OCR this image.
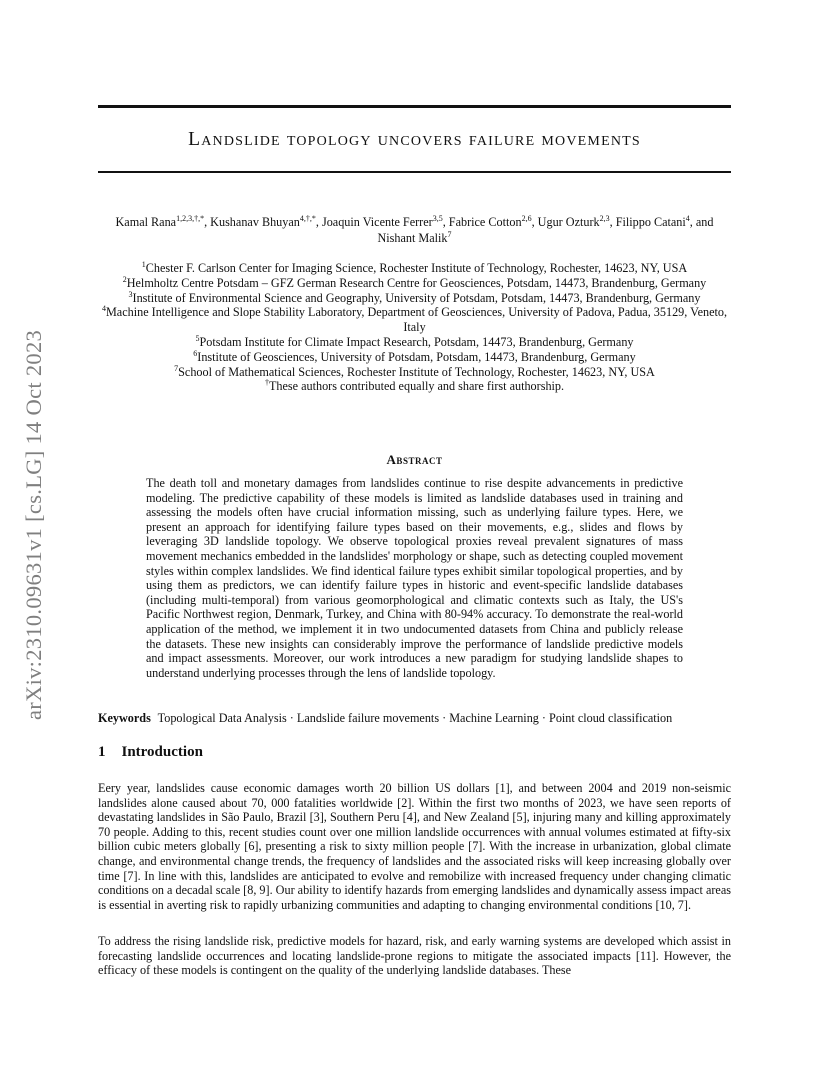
arXiv:2310.09631v1 [cs.LG] 14 Oct 2023
Landslide topology uncovers failure movements
Kamal Rana$^{1,2,3,\dagger,*}$, Kushanav Bhuyan$^{4,\dagger,*}$, Joaquin Vicente Ferrer$^{3,5}$, Fabrice Cotton$^{2,6}$, Ugur Ozturk$^{2,3}$, Filippo Catani$^4$, and Nishant Malik$^7$
$^1$Chester F. Carlson Center for Imaging Science, Rochester Institute of Technology, Rochester, 14623, NY, USA
$^2$Helmholtz Centre Potsdam – GFZ German Research Centre for Geosciences, Potsdam, 14473, Brandenburg, Germany
$^3$Institute of Environmental Science and Geography, University of Potsdam, Potsdam, 14473, Brandenburg, Germany
$^4$Machine Intelligence and Slope Stability Laboratory, Department of Geosciences, University of Padova, Padua, 35129, Veneto, Italy
$^5$Potsdam Institute for Climate Impact Research, Potsdam, 14473, Brandenburg, Germany
$^6$Institute of Geosciences, University of Potsdam, Potsdam, 14473, Brandenburg, Germany
$^7$School of Mathematical Sciences, Rochester Institute of Technology, Rochester, 14623, NY, USA
†These authors contributed equally and share first authorship.
Abstract
The death toll and monetary damages from landslides continue to rise despite advancements in predictive modeling. The predictive capability of these models is limited as landslide databases used in training and assessing the models often have crucial information missing, such as underlying failure types. Here, we present an approach for identifying failure types based on their movements, e.g., slides and flows by leveraging 3D landslide topology. We observe topological proxies reveal prevalent signatures of mass movement mechanics embedded in the landslides' morphology or shape, such as detecting coupled movement styles within complex landslides. We find identical failure types exhibit similar topological properties, and by using them as predictors, we can identify failure types in historic and event-specific landslide databases (including multi-temporal) from various geomorphological and climatic contexts such as Italy, the US's Pacific Northwest region, Denmark, Turkey, and China with 80-94% accuracy. To demonstrate the real-world application of the method, we implement it in two undocumented datasets from China and publicly release the datasets. These new insights can considerably improve the performance of landslide predictive models and impact assessments. Moreover, our work introduces a new paradigm for studying landslide shapes to understand underlying processes through the lens of landslide topology.
Keywords Topological Data Analysis · Landslide failure movements · Machine Learning · Point cloud classification
1 Introduction
Eery year, landslides cause economic damages worth 20 billion US dollars [1], and between 2004 and 2019 non-seismic landslides alone caused about 70, 000 fatalities worldwide [2]. Within the first two months of 2023, we have seen reports of devastating landslides in São Paulo, Brazil [3], Southern Peru [4], and New Zealand [5], injuring many and killing approximately 70 people. Adding to this, recent studies count over one million landslide occurrences with annual volumes estimated at fifty-six billion cubic meters globally [6], presenting a risk to sixty million people [7]. With the increase in urbanization, global climate change, and environmental change trends, the frequency of landslides and the associated risks will keep increasing globally over time [7]. In line with this, landslides are anticipated to evolve and remobilize with increased frequency under changing climatic conditions on a decadal scale [8, 9]. Our ability to identify hazards from emerging landslides and dynamically assess impact areas is essential in averting risk to rapidly urbanizing communities and adapting to changing environmental conditions [10, 7].
To address the rising landslide risk, predictive models for hazard, risk, and early warning systems are developed which assist in forecasting landslide occurrences and locating landslide-prone regions to mitigate the associated impacts [11]. However, the efficacy of these models is contingent on the quality of the underlying landslide databases. These
